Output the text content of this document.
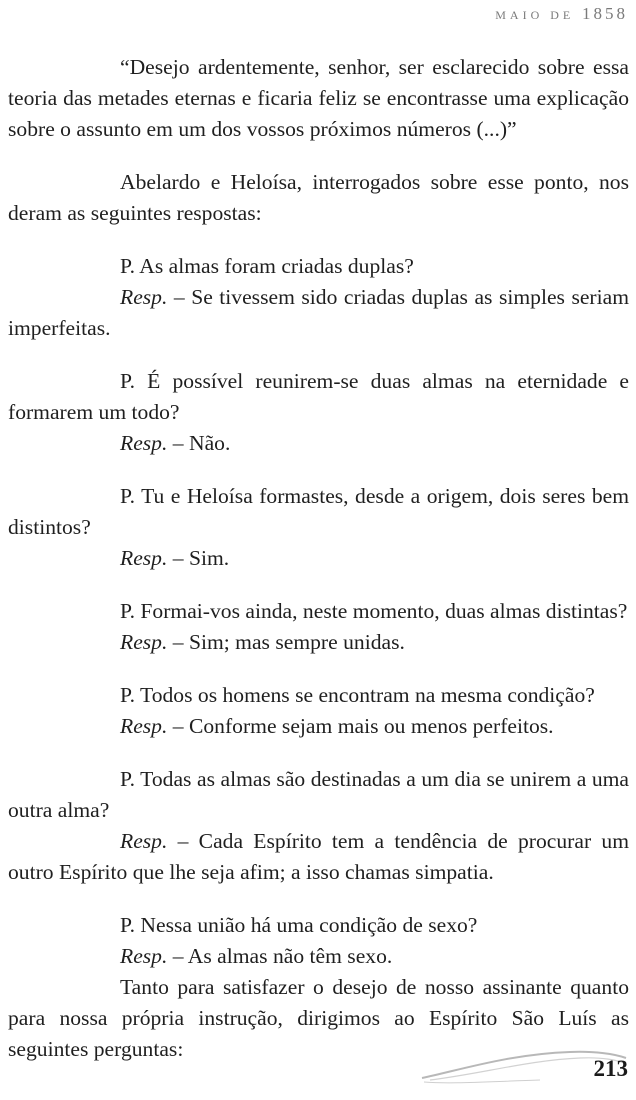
MAIO DE 1858

“Desejo ardentemente, senhor, ser esclarecido sobre essa teoria das metades eternas e ficaria feliz se encontrasse uma explicação sobre o assunto em um dos vossos próximos números (...)”

Abelardo e Heloísa, interrogados sobre esse ponto, nos deram as seguintes respostas:

P. As almas foram criadas duplas?

Resp. – Se tivessem sido criadas duplas as simples seriam imperfeitas.

P. É possível reunirem-se duas almas na eternidade e formarem um todo?

Resp. – Não.

P. Tu e Heloísa formastes, desde a origem, dois seres bem distintos?

Resp. – Sim.

P. Formai-vos ainda, neste momento, duas almas distintas?

Resp. – Sim; mas sempre unidas.

P. Todos os homens se encontram na mesma condição?

Resp. – Conforme sejam mais ou menos perfeitos.

P. Todas as almas são destinadas a um dia se unirem a uma outra alma?

Resp. – Cada Espírito tem a tendência de procurar um outro Espírito que lhe seja afim; a isso chamas simpatia.

P. Nessa união há uma condição de sexo?

Resp. – As almas não têm sexo.

Tanto para satisfazer o desejo de nosso assinante quanto para nossa própria instrução, dirigimos ao Espírito São Luís as seguintes perguntas:

213
